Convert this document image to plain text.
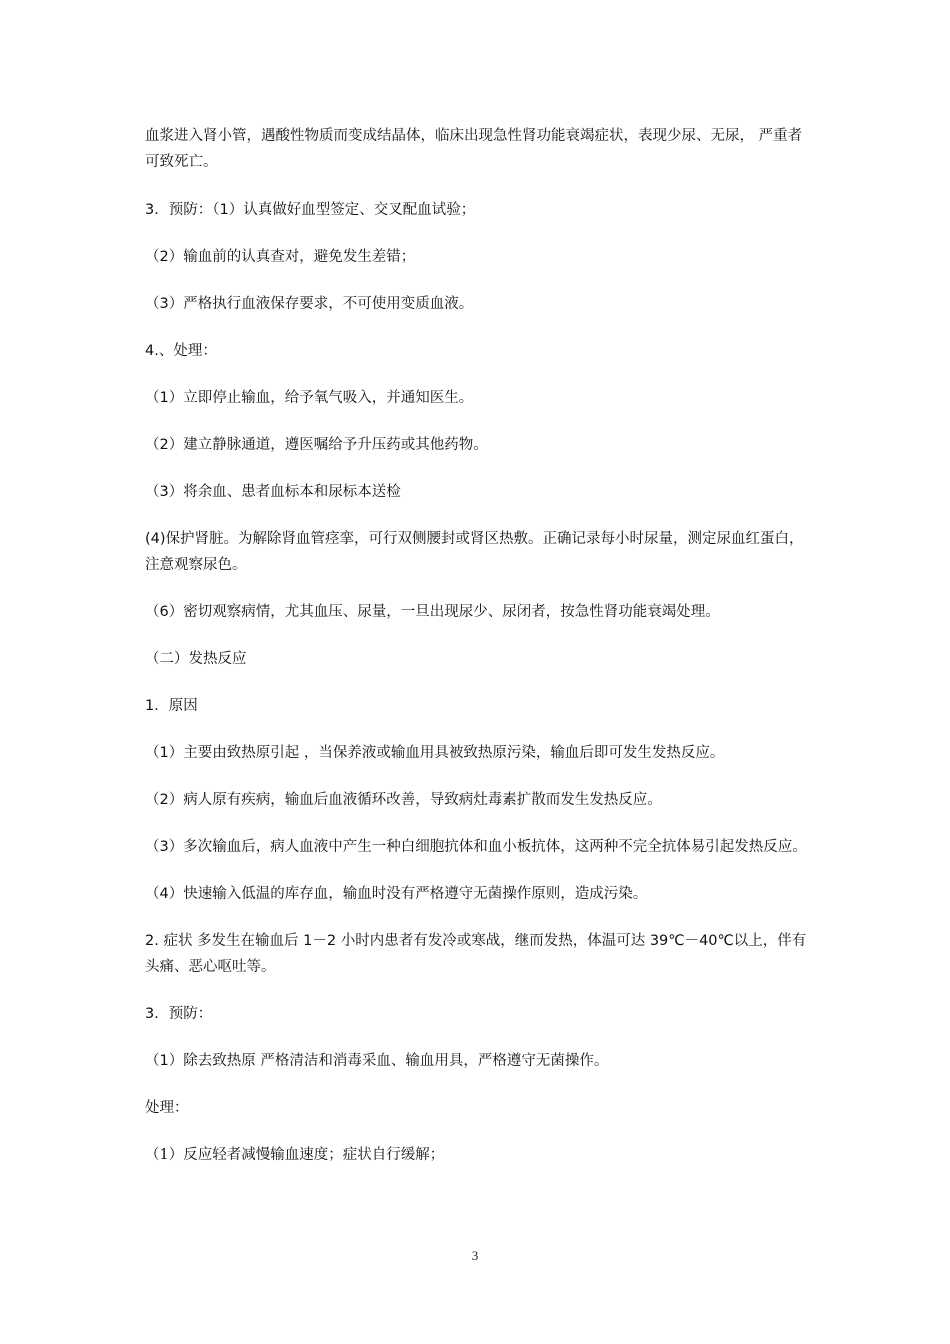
血浆进入肾小管，遇酸性物质而变成结晶体，临床出现急性肾功能衰竭症状，表现少尿、无尿， 严重者可致死亡。

3．预防：（1）认真做好血型签定、交叉配血试验；

（2）输血前的认真查对，避免发生差错；

（3）严格执行血液保存要求，不可使用变质血液。

4.、处理：

（1）立即停止输血，给予氧气吸入，并通知医生。

（2）建立静脉通道，遵医嘱给予升压药或其他药物。

（3）将余血、患者血标本和尿标本送检

(4)保护肾脏。为解除肾血管痉挛，可行双侧腰封或肾区热敷。正确记录每小时尿量，测定尿血红蛋白，注意观察尿色。

（6）密切观察病情，尤其血压、尿量，一旦出现尿少、尿闭者，按急性肾功能衰竭处理。

（二）发热反应

1．原因

（1）主要由致热原引起 ，当保养液或输血用具被致热原污染，输血后即可发生发热反应。

（2）病人原有疾病，输血后血液循环改善，导致病灶毒素扩散而发生发热反应。

（3）多次输血后，病人血液中产生一种白细胞抗体和血小板抗体，这两种不完全抗体易引起发热反应。

（4）快速输入低温的库存血，输血时没有严格遵守无菌操作原则，造成污染。

2. 症状 多发生在输血后 1－2 小时内患者有发冷或寒战，继而发热，体温可达 39℃－40℃以上，伴有头痛、恶心呕吐等。

3．预防：

（1）除去致热原 严格清洁和消毒采血、输血用具，严格遵守无菌操作。

处理：

（1）反应轻者减慢输血速度；症状自行缓解；

3
